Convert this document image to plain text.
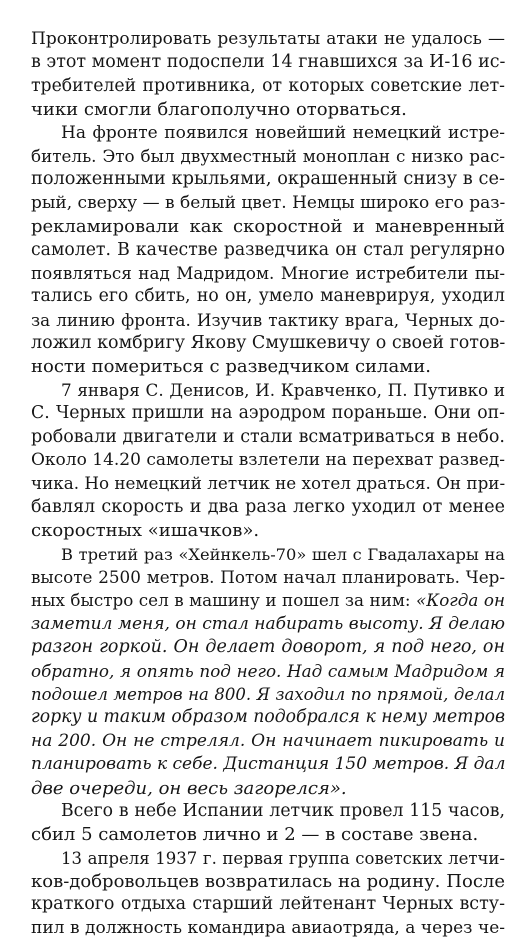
Проконтролировать результаты атаки не удалось —
в этот момент подоспели 14 гнавшихся за И-16 ис-
требителей противника, от которых советские лет-
чики смогли благополучно оторваться.
На фронте появился новейший немецкий истре-
битель. Это был двухместный моноплан с низко рас-
положенными крыльями, окрашенный снизу в се-
рый, сверху — в белый цвет. Немцы широко его раз-
рекламировали как скоростной и маневренный
самолет. В качестве разведчика он стал регулярно
появляться над Мадридом. Многие истребители пы-
тались его сбить, но он, умело маневрируя, уходил
за линию фронта. Изучив тактику врага, Черных до-
ложил комбригу Якову Смушкевичу о своей готов-
ности помериться с разведчиком силами.
7 января С. Денисов, И. Кравченко, П. Путивко и
С. Черных пришли на аэродром пораньше. Они оп-
робовали двигатели и стали всматриваться в небо.
Около 14.20 самолеты взлетели на перехват развед-
чика. Но немецкий летчик не хотел драться. Он при-
бавлял скорость и два раза легко уходил от менее
скоростных «ишачков».
В третий раз «Хейнкель-70» шел с Гвадалахары на
высоте 2500 метров. Потом начал планировать. Чер-
ных быстро сел в машину и пошел за ним: «Когда он
заметил меня, он стал набирать высоту. Я делаю
разгон горкой. Он делает доворот, я под него, он
обратно, я опять под него. Над самым Мадридом я
подошел метров на 800. Я заходил по прямой, делал
горку и таким образом подобрался к нему метров
на 200. Он не стрелял. Он начинает пикировать и
планировать к себе. Дистанция 150 метров. Я дал
две очереди, он весь загорелся».
Всего в небе Испании летчик провел 115 часов,
сбил 5 самолетов лично и 2 — в составе звена.
13 апреля 1937 г. первая группа советских летчи-
ков-добровольцев возвратилась на родину. После
краткого отдыха старший лейтенант Черных всту-
пил в должность командира авиаотряда, а через че-
